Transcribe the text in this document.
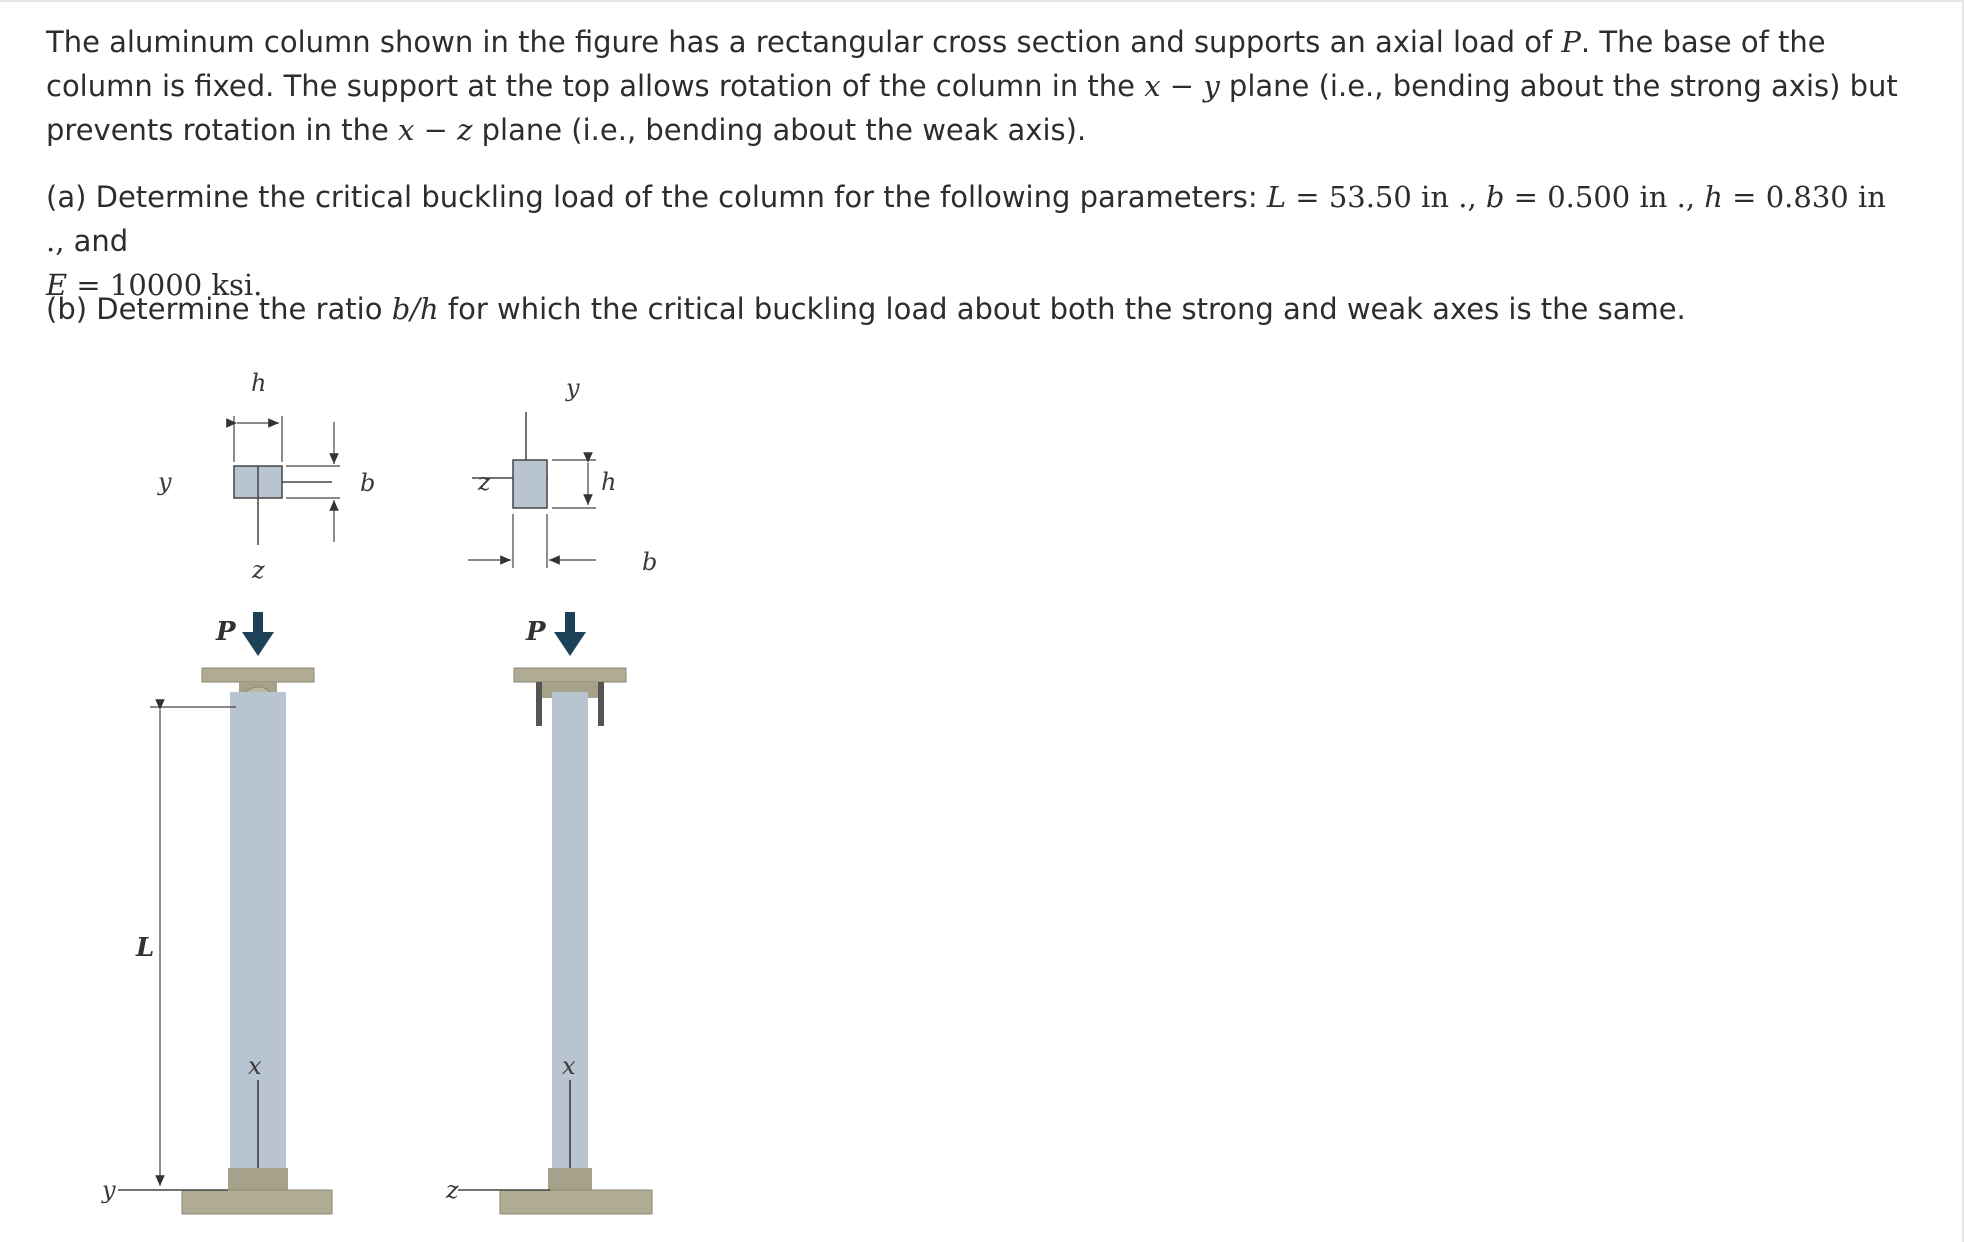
The aluminum column shown in the figure has a rectangular cross section and supports an axial load of P. The base of the column is fixed. The support at the top allows rotation of the column in the x − y plane (i.e., bending about the strong axis) but prevents rotation in the x − z plane (i.e., bending about the weak axis).

(a) Determine the critical buckling load of the column for the following parameters: L = 53.50 in ., b = 0.500 in ., h = 0.830 in ., and
E = 10000 ksi.

(b) Determine the ratio b/h for which the critical buckling load about both the strong and weak axes is the same.

h
y	b
z
P
x
y
L
y
z	h
b
P
x
z
